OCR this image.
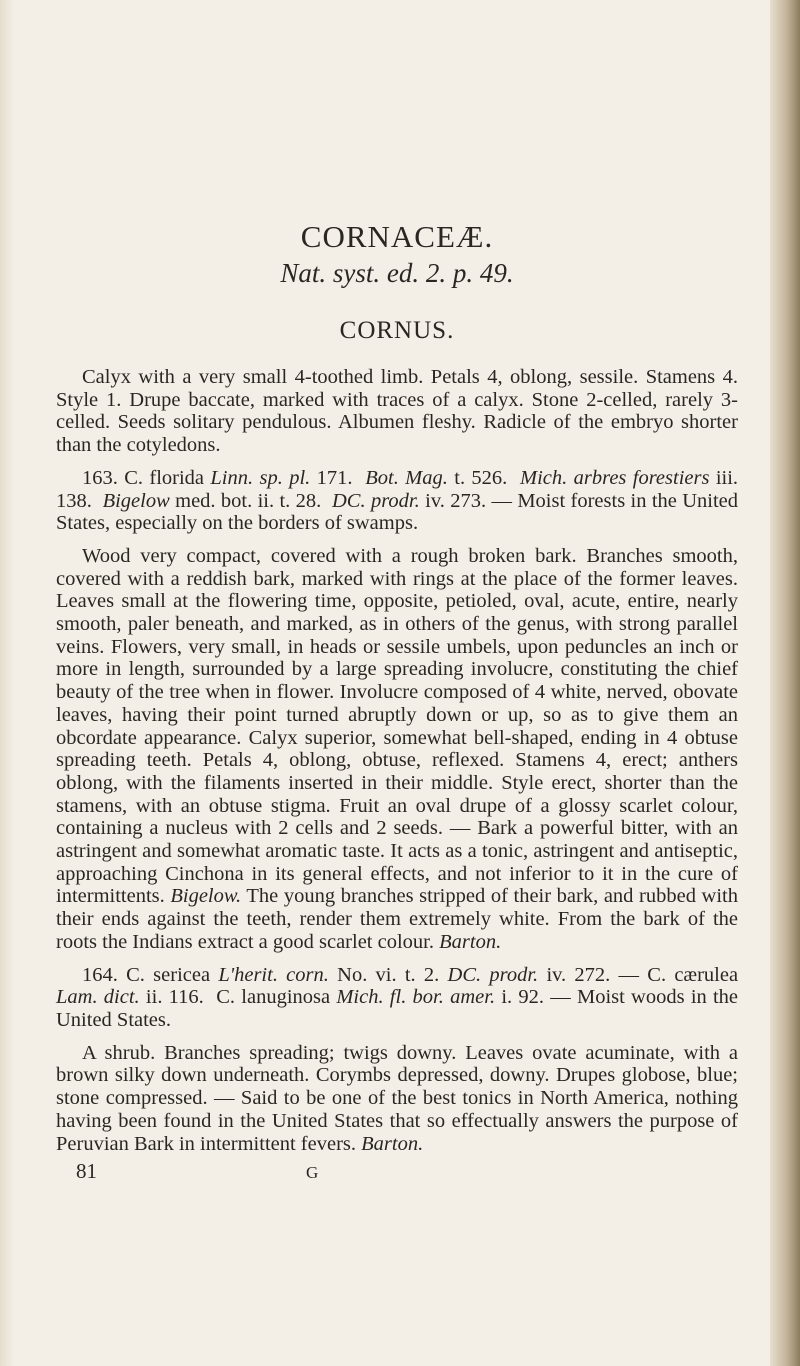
CORNACEÆ.
Nat. syst. ed. 2. p. 49.
CORNUS.

Calyx with a very small 4-toothed limb. Petals 4, oblong, sessile. Stamens 4. Style 1. Drupe baccate, marked with traces of a calyx. Stone 2-celled, rarely 3-celled. Seeds solitary pendulous. Albumen fleshy. Radicle of the embryo shorter than the cotyledons.

163. C. florida Linn. sp. pl. 171. Bot. Mag. t. 526. Mich. arbres forestiers iii. 138. Bigelow med. bot. ii. t. 28. DC. prodr. iv. 273. — Moist forests in the United States, especially on the borders of swamps.

Wood very compact, covered with a rough broken bark. Branches smooth, covered with a reddish bark, marked with rings at the place of the former leaves. Leaves small at the flowering time, opposite, petioled, oval, acute, entire, nearly smooth, paler beneath, and marked, as in others of the genus, with strong parallel veins. Flowers, very small, in heads or sessile umbels, upon peduncles an inch or more in length, surrounded by a large spreading involucre, constituting the chief beauty of the tree when in flower. Involucre composed of 4 white, nerved, obovate leaves, having their point turned abruptly down or up, so as to give them an obcordate appearance. Calyx superior, somewhat bell-shaped, ending in 4 obtuse spreading teeth. Petals 4, oblong, obtuse, reflexed. Stamens 4, erect; anthers oblong, with the filaments inserted in their middle. Style erect, shorter than the stamens, with an obtuse stigma. Fruit an oval drupe of a glossy scarlet colour, containing a nucleus with 2 cells and 2 seeds. — Bark a powerful bitter, with an astringent and somewhat aromatic taste. It acts as a tonic, astringent and antiseptic, approaching Cinchona in its general effects, and not inferior to it in the cure of intermittents. Bigelow. The young branches stripped of their bark, and rubbed with their ends against the teeth, render them extremely white. From the bark of the roots the Indians extract a good scarlet colour. Barton.

164. C. sericea L'herit. corn. No. vi. t. 2. DC. prodr. iv. 272. — C. cærulea Lam. dict. ii. 116. C. lanuginosa Mich. fl. bor. amer. i. 92. — Moist woods in the United States.

A shrub. Branches spreading; twigs downy. Leaves ovate acuminate, with a brown silky down underneath. Corymbs depressed, downy. Drupes globose, blue; stone compressed. — Said to be one of the best tonics in North America, nothing having been found in the United States that so effectually answers the purpose of Peruvian Bark in intermittent fevers. Barton.

81	G
